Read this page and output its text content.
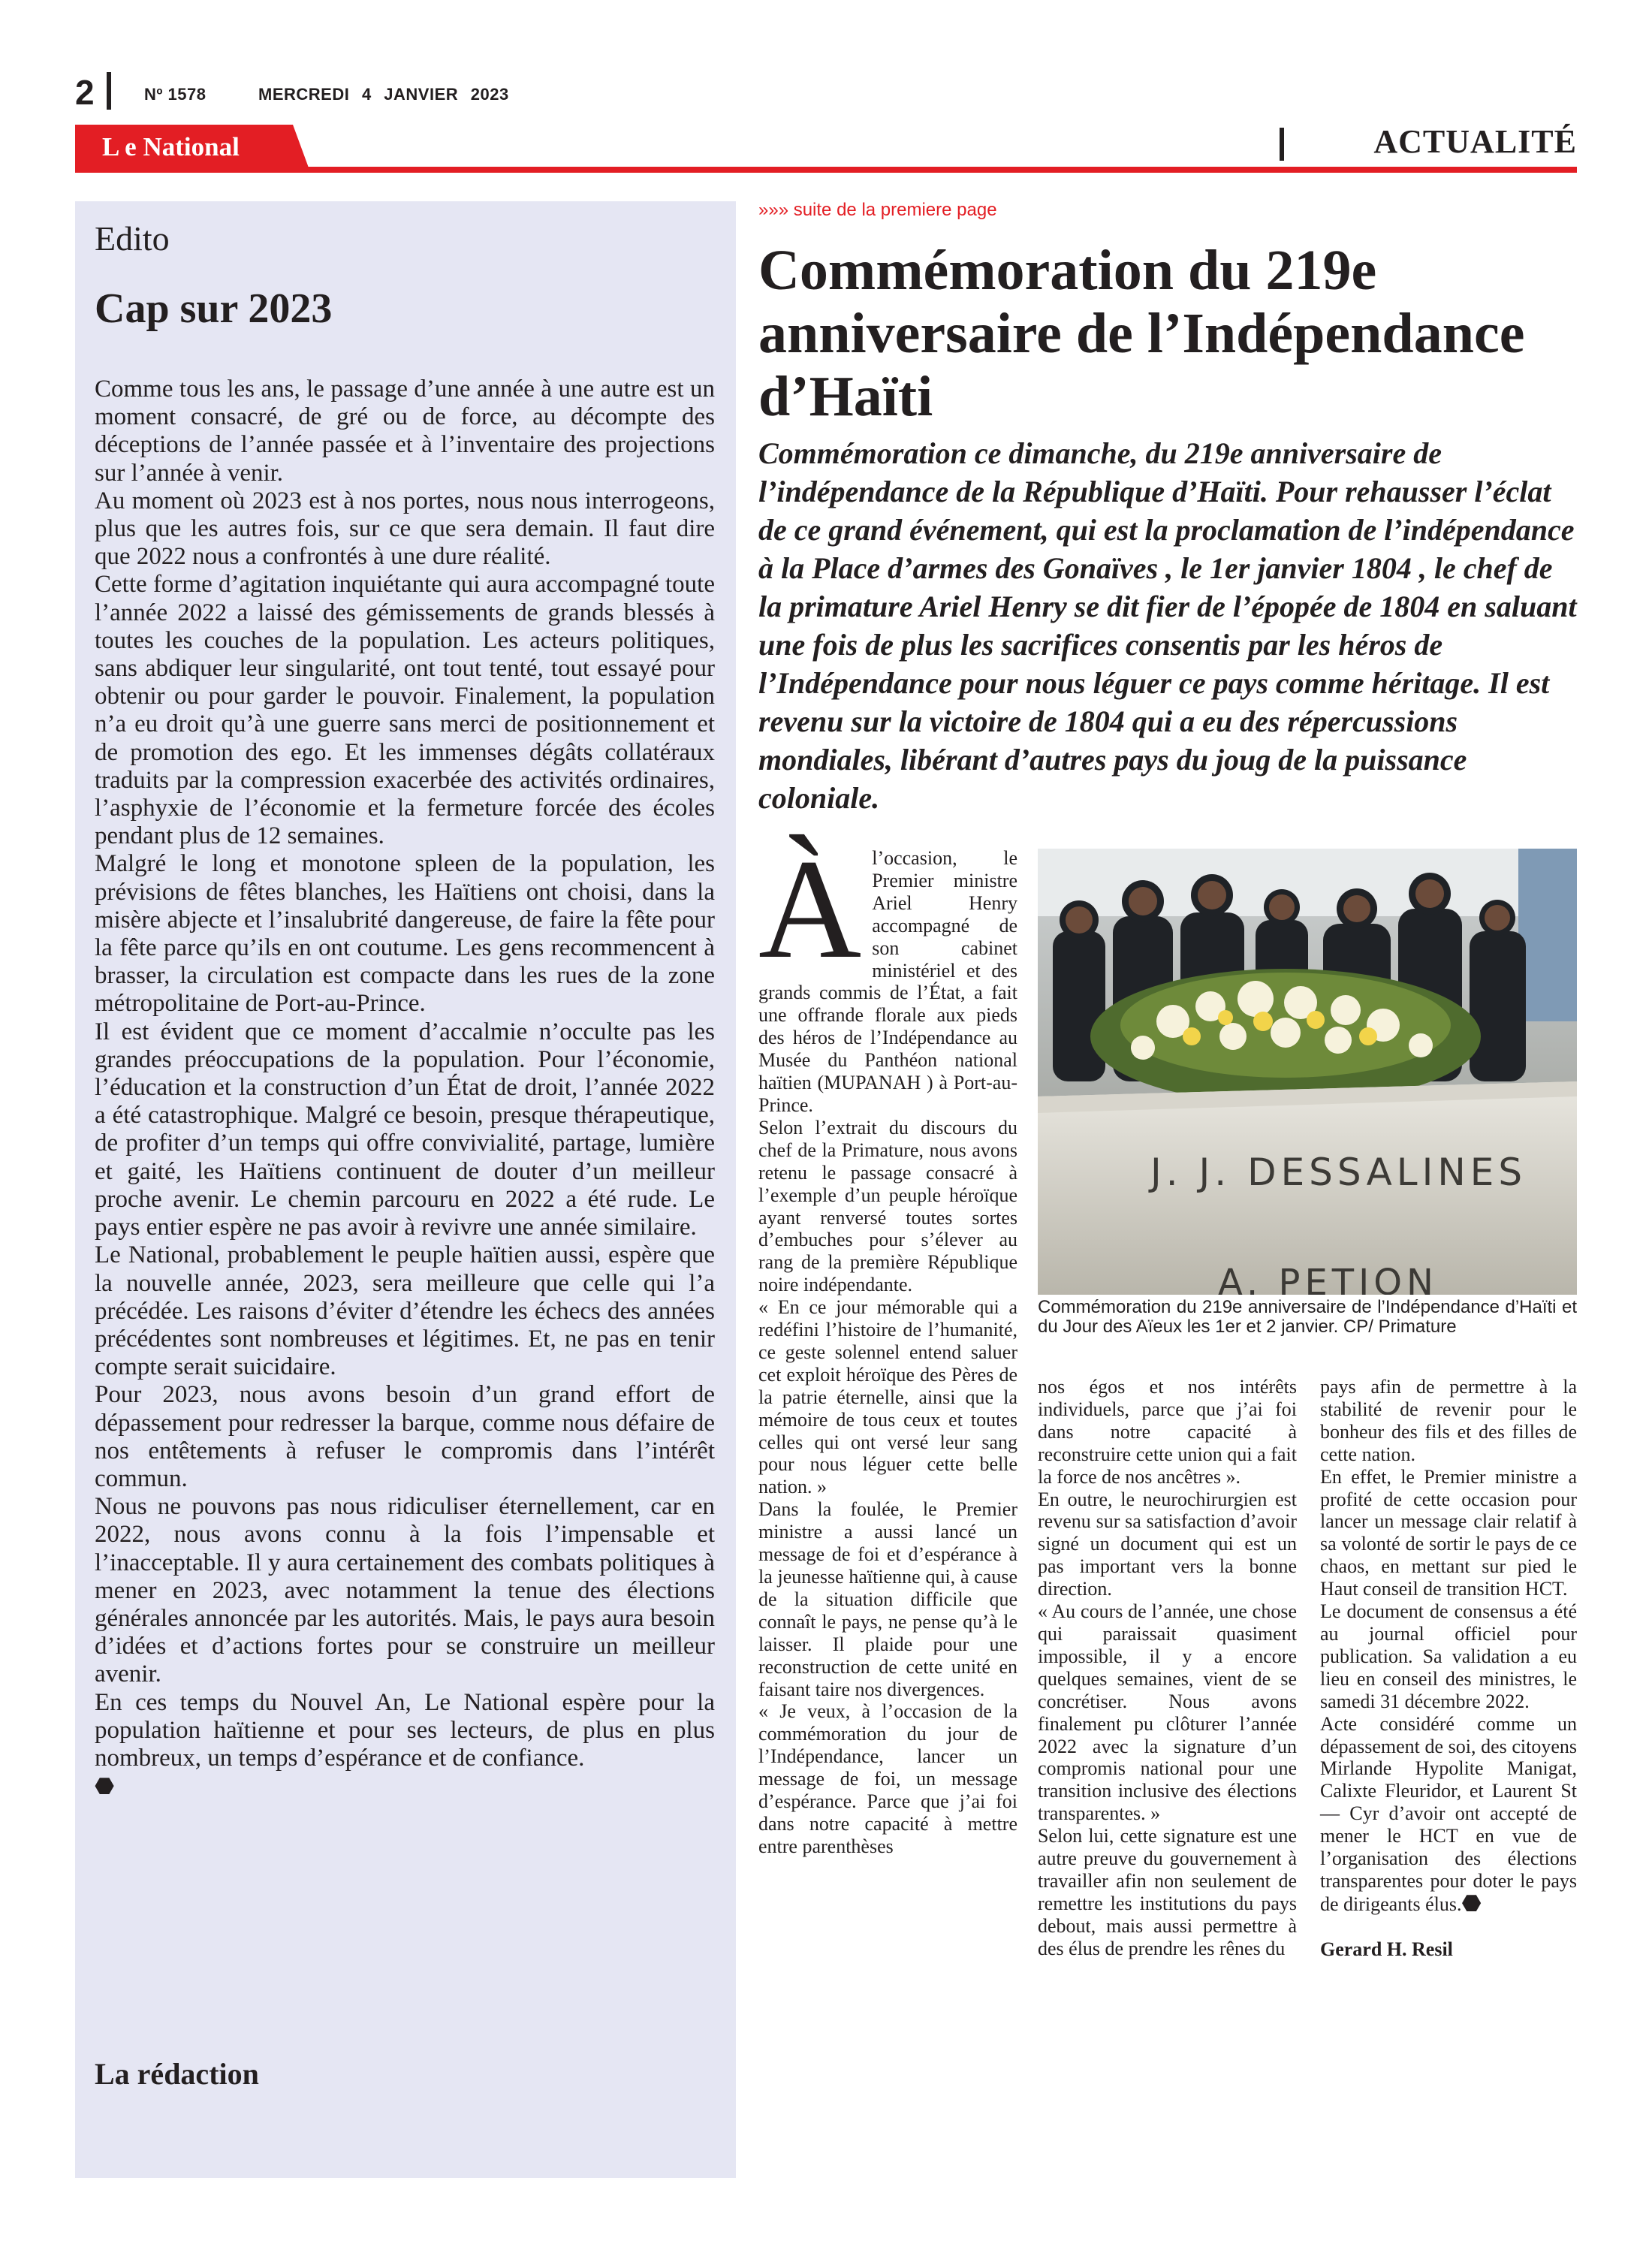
2	Nº 1578	MERCREDI 4 JANVIER 2023
L e National	ACTUALITÉ
Edito
Cap sur 2023

Comme tous les ans, le passage d’une année à une autre est un moment consacré, de gré ou de force, au décompte des déceptions de l’année passée et à l’inventaire des projections sur l’année à venir.

Au moment où 2023 est à nos portes, nous nous interrogeons, plus que les autres fois, sur ce que sera demain. Il faut dire que 2022 nous a confrontés à une dure réalité.

Cette forme d’agitation inquiétante qui aura accompagné toute l’année 2022 a laissé des gémissements de grands blessés à toutes les couches de la population. Les acteurs politiques, sans abdiquer leur singularité, ont tout tenté, tout essayé pour obtenir ou pour garder le pouvoir. Finalement, la population n’a eu droit qu’à une guerre sans merci de positionnement et de promotion des ego. Et les immenses dégâts collatéraux traduits par la compression exacerbée des activités ordinaires, l’asphyxie de l’économie et la fermeture forcée des écoles pendant plus de 12 semaines.

Malgré le long et monotone spleen de la population, les prévisions de fêtes blanches, les Haïtiens ont choisi, dans la misère abjecte et l’insalubrité dangereuse, de faire la fête pour la fête parce qu’ils en ont coutume. Les gens recommencent à brasser, la circulation est compacte dans les rues de la zone métropolitaine de Port-au-Prince.

Il est évident que ce moment d’accalmie n’occulte pas les grandes préoccupations de la population. Pour l’économie, l’éducation et la construction d’un État de droit, l’année 2022 a été catastrophique. Malgré ce besoin, presque thérapeutique, de profiter d’un temps qui offre convivialité, partage, lumière et gaité, les Haïtiens continuent de douter d’un meilleur proche avenir. Le chemin parcouru en 2022 a été rude. Le pays entier espère ne pas avoir à revivre une année similaire.

Le National, probablement le peuple haïtien aussi, espère que la nouvelle année, 2023, sera meilleure que celle qui l’a précédée. Les raisons d’éviter d’étendre les échecs des années précédentes sont nombreuses et légitimes. Et, ne pas en tenir compte serait suicidaire.

Pour 2023, nous avons besoin d’un grand effort de dépassement pour redresser la barque, comme nous défaire de nos entêtements à refuser le compromis dans l’intérêt commun.

Nous ne pouvons pas nous ridiculiser éternellement, car en 2022, nous avons connu à la fois l’impensable et l’inacceptable. Il y aura certainement des combats politiques à mener en 2023, avec notamment la tenue des élections générales annoncée par les autorités. Mais, le pays aura besoin d’idées et d’actions fortes pour se construire un meilleur avenir.

En ces temps du Nouvel An, Le National espère pour la population haïtienne et pour ses lecteurs, de plus en plus nombreux, un temps d’espérance et de confiance.

⬣

La rédaction
»»» suite de la premiere page
Commémoration du 219e anniversaire de l’Indépendance d’Haïti

Commémoration ce dimanche, du 219e anniversaire de l’indépendance de la République d’Haïti. Pour rehausser l’éclat de ce grand événement, qui est la proclamation de l’indépendance à la Place d’armes des Gonaïves , le 1er janvier 1804 , le chef de la primature Ariel Henry se dit fier de l’épopée de 1804 en saluant une fois de plus les sacrifices consentis par les héros de l’Indépendance pour nous léguer ce pays comme héritage. Il est revenu sur la victoire de 1804 qui a eu des répercussions mondiales, libérant d’autres pays du joug de la puissance coloniale.

À l’occasion, le Premier ministre Ariel Henry accompagné de son cabinet ministériel et des grands commis de l’État, a fait une offrande florale aux pieds des héros de l’Indépendance au Musée du Panthéon national haïtien (MUPANAH ) à Port-au-Prince.

Selon l’extrait du discours du chef de la Primature, nous avons retenu le passage consacré à l’exemple d’un peuple héroïque ayant renversé toutes sortes d’embuches pour s’élever au rang de la première République noire indépendante.

« En ce jour mémorable qui a redéfini l’histoire de l’humanité, ce geste solennel entend saluer cet exploit héroïque des Pères de la patrie éternelle, ainsi que la mémoire de tous ceux et toutes celles qui ont versé leur sang pour nous léguer cette belle nation. »

Dans la foulée, le Premier ministre a aussi lancé un message de foi et d’espérance à la jeunesse haïtienne qui, à cause de la situation difficile que connaît le pays, ne pense qu’à le laisser. Il plaide pour une reconstruction de cette unité en faisant taire nos divergences.

« Je veux, à l’occasion de la commémoration du jour de l’Indépendance, lancer un message de foi, un message d’espérance. Parce que j’ai foi dans notre capacité à mettre entre parenthèses

J. J. DESSALINES
A. PETION
Commémoration du 219e anniversaire de l’Indépendance d’Haïti et du Jour des Aïeux les 1er et 2 janvier. CP/ Primature

nos égos et nos intérêts individuels, parce que j’ai foi dans notre capacité à reconstruire cette union qui a fait la force de nos ancêtres ».

En outre, le neurochirurgien est revenu sur sa satisfaction d’avoir signé un document qui est un pas important vers la bonne direction.

« Au cours de l’année, une chose qui paraissait quasiment impossible, il y a encore quelques semaines, vient de se concrétiser. Nous avons finalement pu clôturer l’année 2022 avec la signature d’un compromis national pour une transition inclusive des élections transparentes. »

Selon lui, cette signature est une autre preuve du gouvernement à travailler afin non seulement de remettre les institutions du pays debout, mais aussi permettre à des élus de prendre les rênes du

pays afin de permettre à la stabilité de revenir pour le bonheur des fils et des filles de cette nation.

En effet, le Premier ministre a profité de cette occasion pour lancer un message clair relatif à sa volonté de sortir le pays de ce chaos, en mettant sur pied le Haut conseil de transition HCT.

Le document de consensus a été au journal officiel pour publication. Sa validation a eu lieu en conseil des ministres, le samedi 31 décembre 2022.

Acte considéré comme un dépassement de soi, des citoyens Mirlande Hypolite Manigat, Calixte Fleuridor, et Laurent St — Cyr d’avoir ont accepté de mener le HCT en vue de l’organisation des élections transparentes pour doter le pays de dirigeants élus.⬣

Gerard H. Resil
